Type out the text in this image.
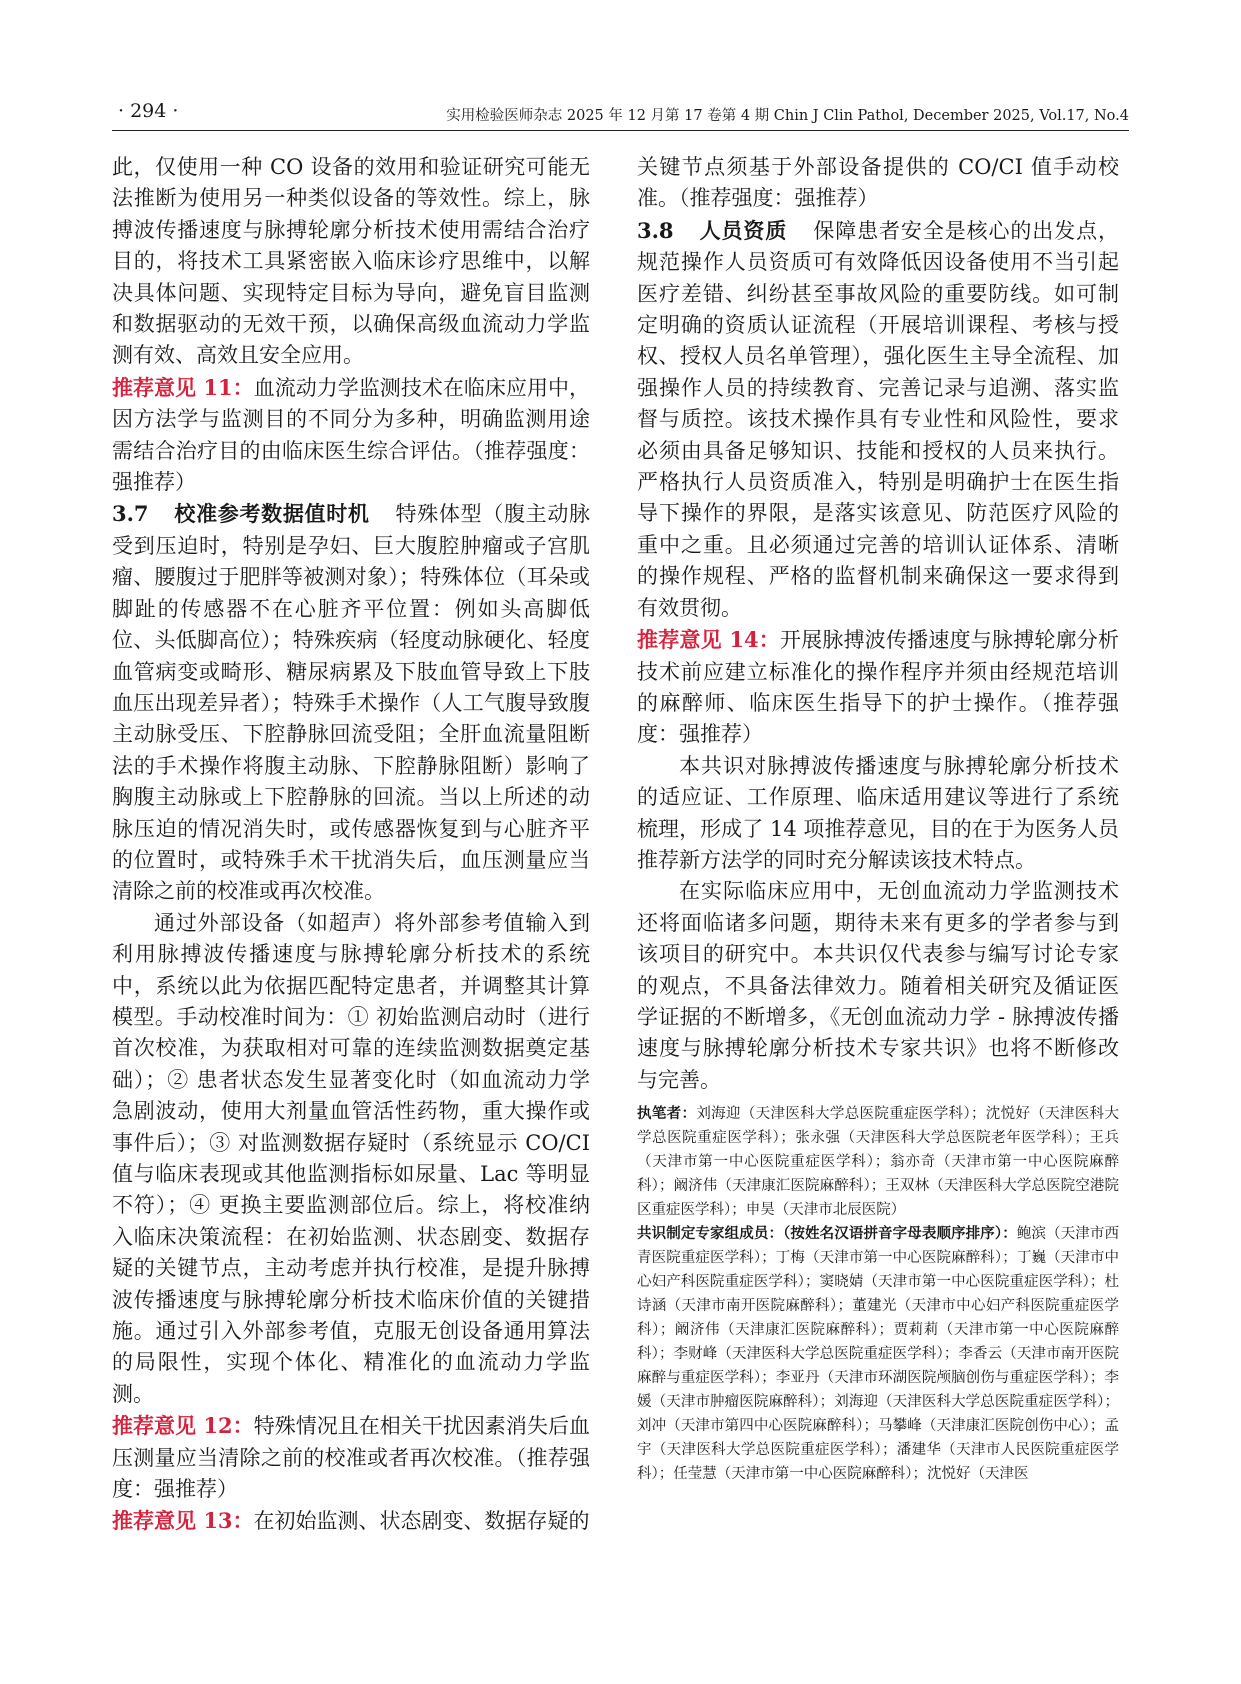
· 294 ·	实用检验医师杂志 2025 年 12 月第 17 卷第 4 期 Chin J Clin Pathol, December 2025, Vol.17, No.4

此，仅使用一种 CO 设备的效用和验证研究可能无法推断为使用另一种类似设备的等效性。综上，脉搏波传播速度与脉搏轮廓分析技术使用需结合治疗目的，将技术工具紧密嵌入临床诊疗思维中，以解决具体问题、实现特定目标为导向，避免盲目监测和数据驱动的无效干预，以确保高级血流动力学监测有效、高效且安全应用。

推荐意见 11：血流动力学监测技术在临床应用中，因方法学与监测目的不同分为多种，明确监测用途需结合治疗目的由临床医生综合评估。（推荐强度：强推荐）

3.7 校准参考数据值时机 特殊体型（腹主动脉受到压迫时，特别是孕妇、巨大腹腔肿瘤或子宫肌瘤、腰腹过于肥胖等被测对象）；特殊体位（耳朵或脚趾的传感器不在心脏齐平位置：例如头高脚低位、头低脚高位）；特殊疾病（轻度动脉硬化、轻度血管病变或畸形、糖尿病累及下肢血管导致上下肢血压出现差异者）；特殊手术操作（人工气腹导致腹主动脉受压、下腔静脉回流受阻；全肝血流量阻断法的手术操作将腹主动脉、下腔静脉阻断）影响了胸腹主动脉或上下腔静脉的回流。当以上所述的动脉压迫的情况消失时，或传感器恢复到与心脏齐平的位置时，或特殊手术干扰消失后，血压测量应当清除之前的校准或再次校准。

通过外部设备（如超声）将外部参考值输入到利用脉搏波传播速度与脉搏轮廓分析技术的系统中，系统以此为依据匹配特定患者，并调整其计算模型。手动校准时间为：① 初始监测启动时（进行首次校准，为获取相对可靠的连续监测数据奠定基础）；② 患者状态发生显著变化时（如血流动力学急剧波动，使用大剂量血管活性药物，重大操作或事件后）；③ 对监测数据存疑时（系统显示 CO/CI 值与临床表现或其他监测指标如尿量、Lac 等明显不符）；④ 更换主要监测部位后。综上，将校准纳入临床决策流程：在初始监测、状态剧变、数据存疑的关键节点，主动考虑并执行校准，是提升脉搏波传播速度与脉搏轮廓分析技术临床价值的关键措施。通过引入外部参考值，克服无创设备通用算法的局限性，实现个体化、精准化的血流动力学监测。

推荐意见 12：特殊情况且在相关干扰因素消失后血压测量应当清除之前的校准或者再次校准。（推荐强度：强推荐）

推荐意见 13：在初始监测、状态剧变、数据存疑的

关键节点须基于外部设备提供的 CO/CI 值手动校准。（推荐强度：强推荐）

3.8 人员资质 保障患者安全是核心的出发点，规范操作人员资质可有效降低因设备使用不当引起医疗差错、纠纷甚至事故风险的重要防线。如可制定明确的资质认证流程（开展培训课程、考核与授权、授权人员名单管理），强化医生主导全流程、加强操作人员的持续教育、完善记录与追溯、落实监督与质控。该技术操作具有专业性和风险性，要求必须由具备足够知识、技能和授权的人员来执行。严格执行人员资质准入，特别是明确护士在医生指导下操作的界限，是落实该意见、防范医疗风险的重中之重。且必须通过完善的培训认证体系、清晰的操作规程、严格的监督机制来确保这一要求得到有效贯彻。

推荐意见 14：开展脉搏波传播速度与脉搏轮廓分析技术前应建立标准化的操作程序并须由经规范培训的麻醉师、临床医生指导下的护士操作。（推荐强度：强推荐）

本共识对脉搏波传播速度与脉搏轮廓分析技术的适应证、工作原理、临床适用建议等进行了系统梳理，形成了 14 项推荐意见，目的在于为医务人员推荐新方法学的同时充分解读该技术特点。

在实际临床应用中，无创血流动力学监测技术还将面临诸多问题，期待未来有更多的学者参与到该项目的研究中。本共识仅代表参与编写讨论专家的观点，不具备法律效力。随着相关研究及循证医学证据的不断增多，《无创血流动力学 - 脉搏波传播速度与脉搏轮廓分析技术专家共识》也将不断修改与完善。

执笔者：刘海迎（天津医科大学总医院重症医学科）；沈悦好（天津医科大学总医院重症医学科）；张永强（天津医科大学总医院老年医学科）；王兵（天津市第一中心医院重症医学科）；翁亦奇（天津市第一中心医院麻醉科）；阚济伟（天津康汇医院麻醉科）；王双林（天津医科大学总医院空港院区重症医学科）；申昊（天津市北辰医院）

共识制定专家组成员：（按姓名汉语拼音字母表顺序排序）：鲍滨（天津市西青医院重症医学科）；丁梅（天津市第一中心医院麻醉科）；丁巍（天津市中心妇产科医院重症医学科）；窦晓婧（天津市第一中心医院重症医学科）；杜诗涵（天津市南开医院麻醉科）；董建光（天津市中心妇产科医院重症医学科）；阚济伟（天津康汇医院麻醉科）；贾莉莉（天津市第一中心医院麻醉科）；李财峰（天津医科大学总医院重症医学科）；李香云（天津市南开医院麻醉与重症医学科）；李亚丹（天津市环湖医院颅脑创伤与重症医学科）；李媛（天津市肿瘤医院麻醉科）；刘海迎（天津医科大学总医院重症医学科）；刘冲（天津市第四中心医院麻醉科）；马攀峰（天津康汇医院创伤中心）；孟宇（天津医科大学总医院重症医学科）；潘建华（天津市人民医院重症医学科）；任莹慧（天津市第一中心医院麻醉科）；沈悦好（天津医
